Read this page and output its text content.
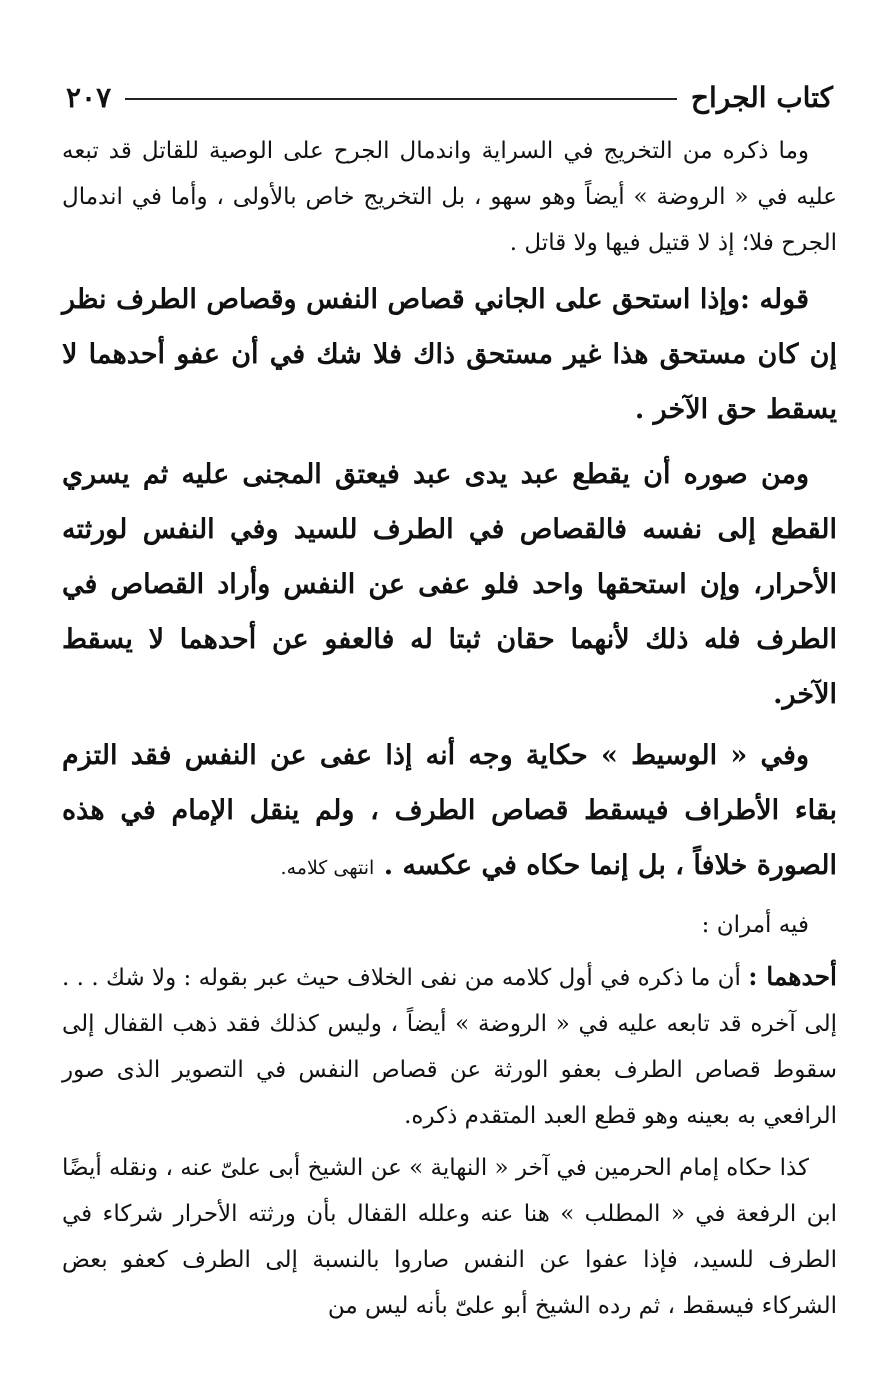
كتاب الجراح
٢٠٧

وما ذكره من التخريج في السراية واندمال الجرح على الوصية للقاتل قد تبعه عليه في « الروضة » أيضاً وهو سهو ، بل التخريج خاص بالأولى ، وأما في اندمال الجرح فلا؛ إذ لا قتيل فيها ولا قاتل .

قوله :وإذا استحق على الجاني قصاص النفس وقصاص الطرف نظر إن كان مستحق هذا غير مستحق ذاك فلا شك في أن عفو أحدهما لا يسقط حق الآخر .

ومن صوره أن يقطع عبد يدى عبد فيعتق المجنى عليه ثم يسري القطع إلى نفسه فالقصاص في الطرف للسيد وفي النفس لورثته الأحرار، وإن استحقها واحد فلو عفى عن النفس وأراد القصاص في الطرف فله ذلك لأنهما حقان ثبتا له فالعفو عن أحدهما لا يسقط الآخر.

وفي « الوسيط » حكاية وجه أنه إذا عفى عن النفس فقد التزم بقاء الأطراف فيسقط قصاص الطرف ، ولم ينقل الإمام في هذه الصورة خلافاً ، بل إنما حكاه في عكسه . انتهى كلامه.

فيه أمران :

أحدهما : أن ما ذكره في أول كلامه من نفى الخلاف حيث عبر بقوله : ولا شك . . . إلى آخره قد تابعه عليه في « الروضة » أيضاً ، وليس كذلك فقد ذهب القفال إلى سقوط قصاص الطرف بعفو الورثة عن قصاص النفس في التصوير الذى صور الرافعي به بعينه وهو قطع العبد المتقدم ذكره.

كذا حكاه إمام الحرمين في آخر « النهاية » عن الشيخ أبى علىّ عنه ، ونقله أيضًا ابن الرفعة في « المطلب » هنا عنه وعلله القفال بأن ورثته الأحرار شركاء في الطرف للسيد، فإذا عفوا عن النفس صاروا بالنسبة إلى الطرف كعفو بعض الشركاء فيسقط ، ثم رده الشيخ أبو علىّ بأنه ليس من
